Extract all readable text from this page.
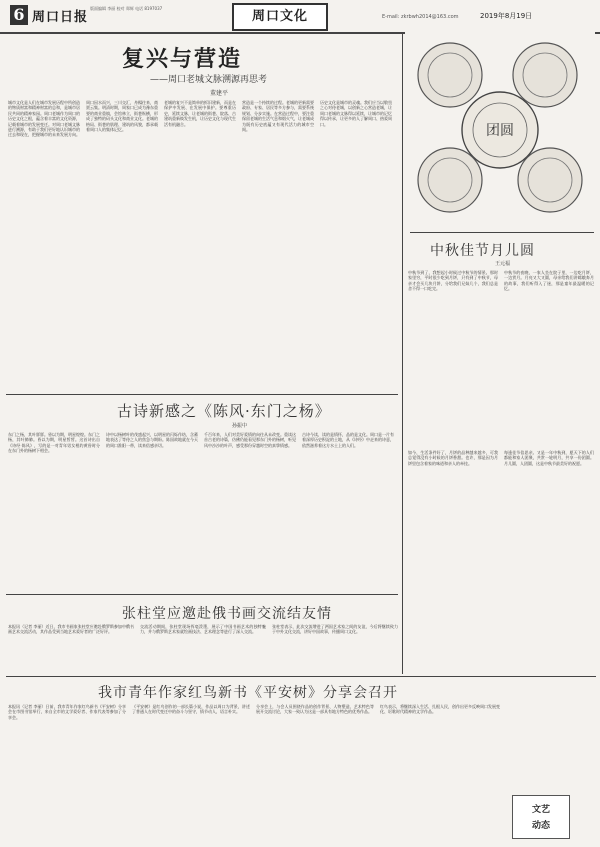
6 周口日报
版面编辑 李丽 校对 郑辉 电话 8197037
周口文化	E-mail: zkrbwh2014@163.com	2019年8月19日
复兴与营造
——周口老城文脉溯源再思考
董建平
城市文化是人们在城市发展历程中所创造的物质财富和精神财富的总和，是城市居民共同的精神家园。周口老城作为周口的历史文化之根，蕴含着丰富的文化资源，记载着城市的发展变迁。对周口老城文脉进行溯源，有助于我们更好地认识城市的过去和现在，把握城市的未来发展方向。
周口因水而兴，三川交汇，舟楫往来，商贾云集。明清时期，周家口已成为豫东重要的商业重镇，会馆林立，街巷纵横，形成了独特的码头文化和商业文化。老城的格局、街巷的肌理、建筑的风貌，都承载着周口人的集体记忆。
老城的复兴不是简单的拆旧建新，而是在保护中发展、在发展中保护。要尊重历史，延续文脉，让老城的街巷、院落、古建筑重新焕发生机，让历史文化与现代生活有机融合。
营造是一个持续的过程。老城的更新需要政府、专家、居民等多方参与，需要系统规划、分步实施。在营造过程中，要注重保留老城的生活气息和烟火气，让老城成为既有历史底蕴又有现代活力的城市空间。
历史文化是城市的灵魂。我们应当以敬畏之心对待老城，以创新之心营造老城，让周口老城的文脉得以延续，让城市的记忆得以传承，让更多的人了解周口、热爱周口。
古诗新感之《陈风·东门之杨》
孙振中
东门之杨，其叶牂牂。昏以为期，明星煌煌。东门之杨，其叶肺肺。昏以为期，明星晢晢。这首诗出自《诗经·陈风》，写的是一对青年男女相约黄昏时分在东门外的杨树下相会。
诗中以杨树叶的茂盛起兴，以明星的闪烁作结，含蓄地表达了等待之人的焦急与期盼。陈国故地就在今天的周口淮阳一带，读来倍感亲切。
千百年来，人们对美好爱情的向往从未改变。重读这首古老的诗篇，仿佛仍能看见那东门外的杨树，听见风中沙沙的叶声，感受那份穿越时空的真挚情感。
古诗今读，读的是情怀，品的是文化。周口是一片有着深厚历史积淀的土地，从《诗经》中走来的诗意，依然滋养着这方水土上的人们。
张柱堂应邀赴俄书画交流结友情
本报讯（记者 李丽）近日，我市书画家张柱堂应邀赴俄罗斯参加中俄书画艺术交流活动，其作品受到当地艺术爱好者的广泛好评。
交流活动期间，张柱堂现场挥毫泼墨，展示了中国书画艺术的独特魅力，并与俄罗斯艺术家就绘画技法、艺术理念等进行了深入交流。
张柱堂表示，此次交流增进了两国艺术家之间的友谊，今后将继续致力于中外文化交流，讲好中国故事，传播周口文化。
我市青年作家红鸟新书《平安树》分享会召开
本报讯（记者 李丽）日前，我市青年作家红鸟新书《平安树》分享会在市图书馆举行，来自全市的文学爱好者、作家代表等参加了分享会。
《平安树》是红鸟创作的一部长篇小说，作品以周口为背景，讲述了普通人在时代变迁中的奋斗与坚守，情节动人，语言朴实。
分享会上，与会人员围绕作品的创作背景、人物塑造、艺术特色等展开交流讨论，大家一致认为这是一部具有地方特色的优秀作品。
红鸟表示，将继续深入生活、扎根人民，创作出更多反映周口发展变化、讴歌时代精神的文学作品。
团圆
中秋佳节月儿圆
王元福
中秋节到了，我想起小时候过中秋节的情景。那时家里穷，平时很少吃到月饼，只有到了中秋节，母亲才会买几块月饼，分给我们兄妹几个，我们总是舍不得一口吃完。
中秋节的夜晚，一家人坐在院子里，一边吃月饼，一边赏月。月亮又大又圆，母亲给我们讲嫦娥奔月的故事，我们听得入了迷，那是童年最温暖的记忆。
如今，生活条件好了，月饼的品种越来越多，可我总觉得没有小时候的月饼香甜。也许，那是因为月饼里包含着家的味道和亲人的牵挂。
每逢佳节倍思亲。又是一年中秋到，愿天下的人们都能和家人团聚，共赏一轮明月，共享一份团圆。月儿圆，人团圆，这是中秋节最美好的祝愿。
文艺
动态
